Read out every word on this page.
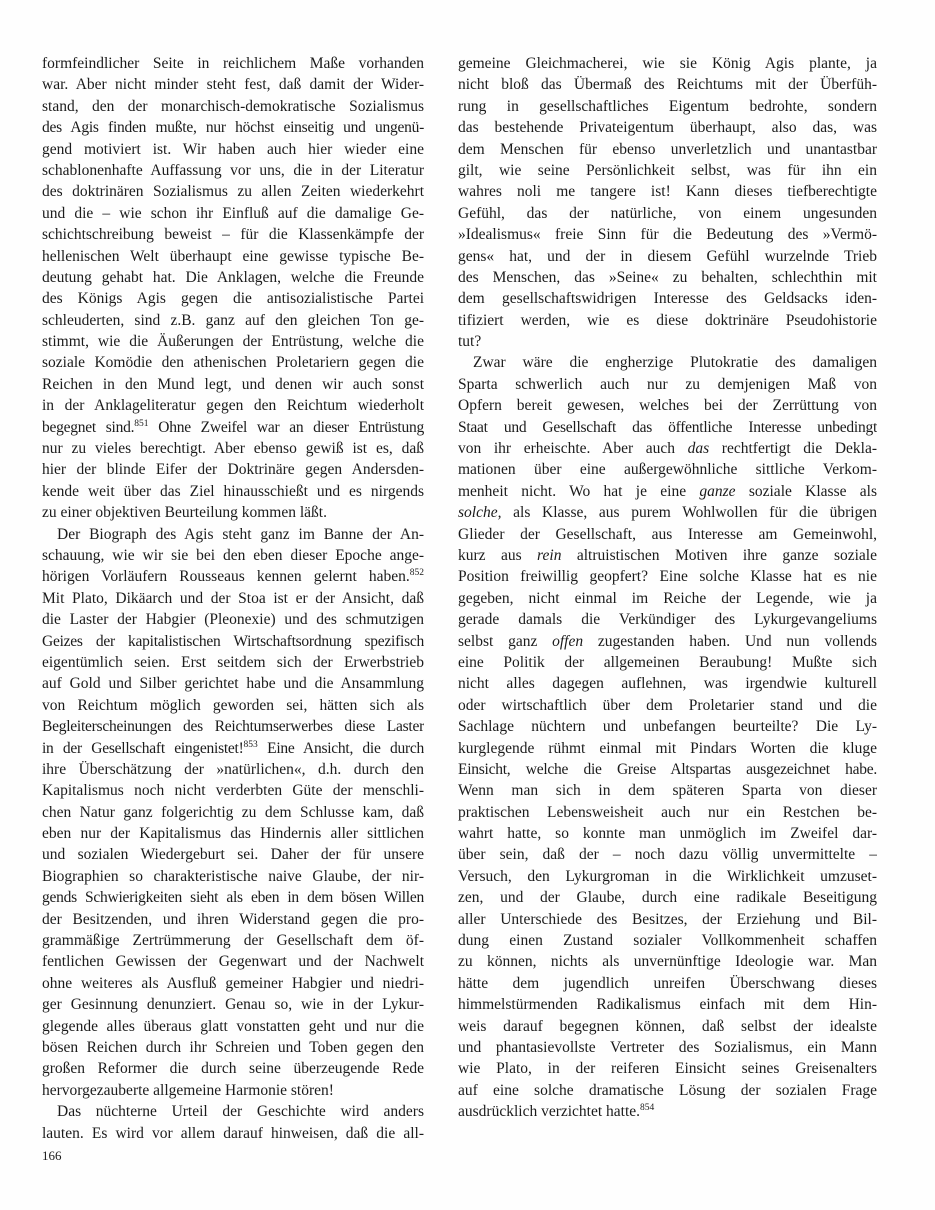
formfeindlicher Seite in reichlichem Maße vorhanden
war. Aber nicht minder steht fest, daß damit der Wider-
stand, den der monarchisch-demokratische Sozialismus
des Agis finden mußte, nur höchst einseitig und ungenü-
gend motiviert ist. Wir haben auch hier wieder eine
schablonenhafte Auffassung vor uns, die in der Literatur
des doktrinären Sozialismus zu allen Zeiten wiederkehrt
und die – wie schon ihr Einfluß auf die damalige Ge-
schichtschreibung beweist – für die Klassenkämpfe der
hellenischen Welt überhaupt eine gewisse typische Be-
deutung gehabt hat. Die Anklagen, welche die Freunde
des Königs Agis gegen die antisozialistische Partei
schleuderten, sind z.B. ganz auf den gleichen Ton ge-
stimmt, wie die Äußerungen der Entrüstung, welche die
soziale Komödie den athenischen Proletariern gegen die
Reichen in den Mund legt, und denen wir auch sonst
in der Anklageliteratur gegen den Reichtum wiederholt
begegnet sind.$^{851}$ Ohne Zweifel war an dieser Entrüstung
nur zu vieles berechtigt. Aber ebenso gewiß ist es, daß
hier der blinde Eifer der Doktrinäre gegen Andersden-
kende weit über das Ziel hinausschießt und es nirgends
zu einer objektiven Beurteilung kommen läßt.
Der Biograph des Agis steht ganz im Banne der An-
schauung, wie wir sie bei den eben dieser Epoche ange-
hörigen Vorläufern Rousseaus kennen gelernt haben.$^{852}$
Mit Plato, Dikäarch und der Stoa ist er der Ansicht, daß
die Laster der Habgier (Pleonexie) und des schmutzigen
Geizes der kapitalistischen Wirtschaftsordnung spezifisch
eigentümlich seien. Erst seitdem sich der Erwerbstrieb
auf Gold und Silber gerichtet habe und die Ansammlung
von Reichtum möglich geworden sei, hätten sich als
Begleiterscheinungen des Reichtumserwerbes diese Laster
in der Gesellschaft eingenistet!$^{853}$ Eine Ansicht, die durch
ihre Überschätzung der »natürlichen«, d.h. durch den
Kapitalismus noch nicht verderbten Güte der menschli-
chen Natur ganz folgerichtig zu dem Schlusse kam, daß
eben nur der Kapitalismus das Hindernis aller sittlichen
und sozialen Wiedergeburt sei. Daher der für unsere
Biographien so charakteristische naive Glaube, der nir-
gends Schwierigkeiten sieht als eben in dem bösen Willen
der Besitzenden, und ihren Widerstand gegen die pro-
grammäßige Zertrümmerung der Gesellschaft dem öf-
fentlichen Gewissen der Gegenwart und der Nachwelt
ohne weiteres als Ausfluß gemeiner Habgier und niedri-
ger Gesinnung denunziert. Genau so, wie in der Lykur-
glegende alles überaus glatt vonstatten geht und nur die
bösen Reichen durch ihr Schreien und Toben gegen den
großen Reformer die durch seine überzeugende Rede
hervorgezauberte allgemeine Harmonie stören!
Das nüchterne Urteil der Geschichte wird anders
lauten. Es wird vor allem darauf hinweisen, daß die all-
gemeine Gleichmacherei, wie sie König Agis plante, ja
nicht bloß das Übermaß des Reichtums mit der Überfüh-
rung in gesellschaftliches Eigentum bedrohte, sondern
das bestehende Privateigentum überhaupt, also das, was
dem Menschen für ebenso unverletzlich und unantastbar
gilt, wie seine Persönlichkeit selbst, was für ihn ein
wahres noli me tangere ist! Kann dieses tiefberechtigte
Gefühl, das der natürliche, von einem ungesunden
»Idealismus« freie Sinn für die Bedeutung des »Vermö-
gens« hat, und der in diesem Gefühl wurzelnde Trieb
des Menschen, das »Seine« zu behalten, schlechthin mit
dem gesellschaftswidrigen Interesse des Geldsacks iden-
tifiziert werden, wie es diese doktrinäre Pseudohistorie
tut?
Zwar wäre die engherzige Plutokratie des damaligen
Sparta schwerlich auch nur zu demjenigen Maß von
Opfern bereit gewesen, welches bei der Zerrüttung von
Staat und Gesellschaft das öffentliche Interesse unbedingt
von ihr erheischte. Aber auch das rechtfertigt die Dekla-
mationen über eine außergewöhnliche sittliche Verkom-
menheit nicht. Wo hat je eine ganze soziale Klasse als
solche, als Klasse, aus purem Wohlwollen für die übrigen
Glieder der Gesellschaft, aus Interesse am Gemeinwohl,
kurz aus rein altruistischen Motiven ihre ganze soziale
Position freiwillig geopfert? Eine solche Klasse hat es nie
gegeben, nicht einmal im Reiche der Legende, wie ja
gerade damals die Verkündiger des Lykurgevangeliums
selbst ganz offen zugestanden haben. Und nun vollends
eine Politik der allgemeinen Beraubung! Mußte sich
nicht alles dagegen auflehnen, was irgendwie kulturell
oder wirtschaftlich über dem Proletarier stand und die
Sachlage nüchtern und unbefangen beurteilte? Die Ly-
kurglegende rühmt einmal mit Pindars Worten die kluge
Einsicht, welche die Greise Altspartas ausgezeichnet habe.
Wenn man sich in dem späteren Sparta von dieser
praktischen Lebensweisheit auch nur ein Restchen be-
wahrt hatte, so konnte man unmöglich im Zweifel dar-
über sein, daß der – noch dazu völlig unvermittelte –
Versuch, den Lykurgroman in die Wirklichkeit umzuset-
zen, und der Glaube, durch eine radikale Beseitigung
aller Unterschiede des Besitzes, der Erziehung und Bil-
dung einen Zustand sozialer Vollkommenheit schaffen
zu können, nichts als unvernünftige Ideologie war. Man
hätte dem jugendlich unreifen Überschwang dieses
himmelstürmenden Radikalismus einfach mit dem Hin-
weis darauf begegnen können, daß selbst der idealste
und phantasievollste Vertreter des Sozialismus, ein Mann
wie Plato, in der reiferen Einsicht seines Greisenalters
auf eine solche dramatische Lösung der sozialen Frage
ausdrücklich verzichtet hatte.$^{854}$
166
